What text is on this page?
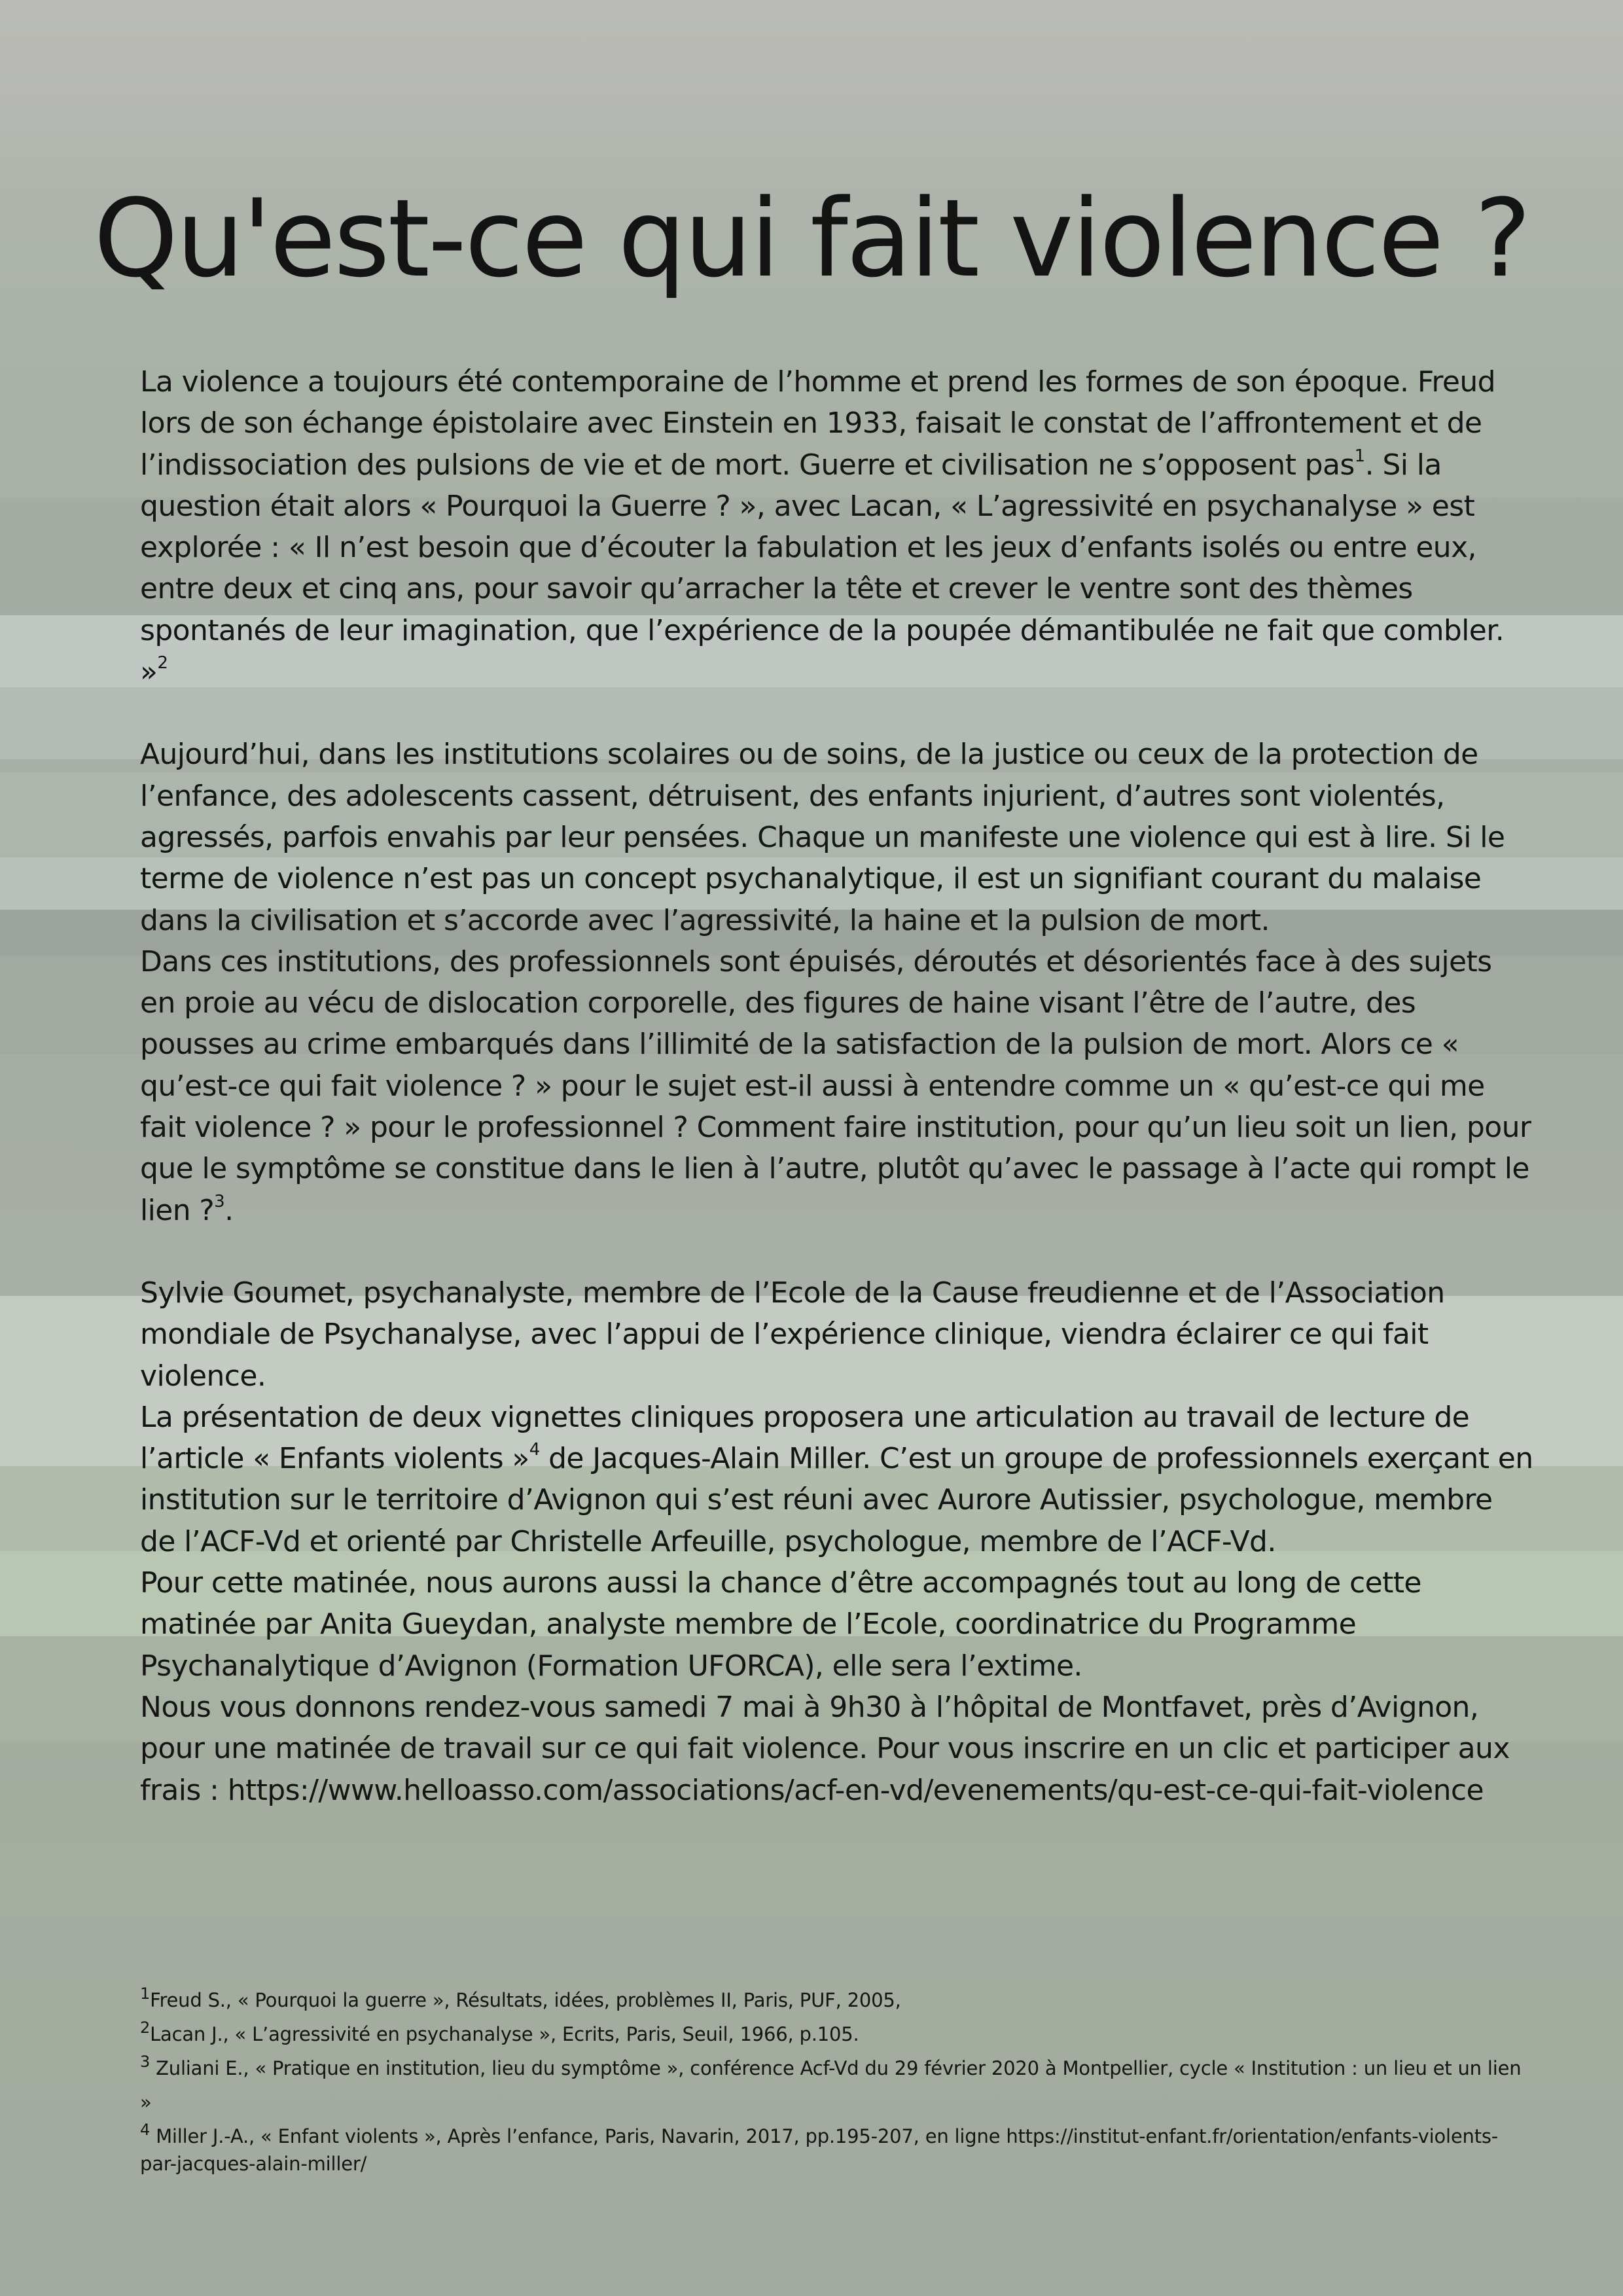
Qu'est-ce qui fait violence ?

La violence a toujours été contemporaine de l’homme et prend les formes de son époque. Freud lors de son échange épistolaire avec Einstein en 1933, faisait le constat de l’affrontement et de l’indissociation des pulsions de vie et de mort. Guerre et civilisation ne s’opposent pas$^1$. Si la question était alors « Pourquoi la Guerre ? », avec Lacan, « L’agressivité en psychanalyse » est explorée : « Il n’est besoin que d’écouter la fabulation et les jeux d’enfants isolés ou entre eux, entre deux et cinq ans, pour savoir qu’arracher la tête et crever le ventre sont des thèmes spontanés de leur imagination, que l’expérience de la poupée démantibulée ne fait que combler. »$^2$

Aujourd’hui, dans les institutions scolaires ou de soins, de la justice ou ceux de la protection de l’enfance, des adolescents cassent, détruisent, des enfants injurient, d’autres sont violentés, agressés, parfois envahis par leur pensées. Chaque un manifeste une violence qui est à lire. Si le terme de violence n’est pas un concept psychanalytique, il est un signifiant courant du malaise dans la civilisation et s’accorde avec l’agressivité, la haine et la pulsion de mort.

Dans ces institutions, des professionnels sont épuisés, déroutés et désorientés face à des sujets en proie au vécu de dislocation corporelle, des figures de haine visant l’être de l’autre, des pousses au crime embarqués dans l’illimité de la satisfaction de la pulsion de mort. Alors ce « qu’est-ce qui fait violence ? » pour le sujet est-il aussi à entendre comme un « qu’est-ce qui me fait violence ? » pour le professionnel ? Comment faire institution, pour qu’un lieu soit un lien, pour que le symptôme se constitue dans le lien à l’autre, plutôt qu’avec le passage à l’acte qui rompt le lien ?$^3$.

Sylvie Goumet, psychanalyste, membre de l’Ecole de la Cause freudienne et de l’Association mondiale de Psychanalyse, avec l’appui de l’expérience clinique, viendra éclairer ce qui fait violence.

La présentation de deux vignettes cliniques proposera une articulation au travail de lecture de l’article « Enfants violents »$^4$ de Jacques-Alain Miller. C’est un groupe de professionnels exerçant en institution sur le territoire d’Avignon qui s’est réuni avec Aurore Autissier, psychologue, membre de l’ACF-Vd et orienté par Christelle Arfeuille, psychologue, membre de l’ACF-Vd.

Pour cette matinée, nous aurons aussi la chance d’être accompagnés tout au long de cette matinée par Anita Gueydan, analyste membre de l’Ecole, coordinatrice du Programme Psychanalytique d’Avignon (Formation UFORCA), elle sera l’extime.

Nous vous donnons rendez-vous samedi 7 mai à 9h30 à l’hôpital de Montfavet, près d’Avignon, pour une matinée de travail sur ce qui fait violence. Pour vous inscrire en un clic et participer aux frais : https://www.helloasso.com/associations/acf-en-vd/evenements/qu-est-ce-qui-fait-violence

$^1$Freud S., « Pourquoi la guerre », Résultats, idées, problèmes II, Paris, PUF, 2005,

$^2$Lacan J., « L’agressivité en psychanalyse », Ecrits, Paris, Seuil, 1966, p.105.

$^3$ Zuliani E., « Pratique en institution, lieu du symptôme », conférence Acf-Vd du 29 février 2020 à Montpellier, cycle « Institution : un lieu et un lien »

$^4$ Miller J.-A., « Enfant violents », Après l’enfance, Paris, Navarin, 2017, pp.195-207, en ligne https://institut-enfant.fr/orientation/enfants-violents-par-jacques-alain-miller/
